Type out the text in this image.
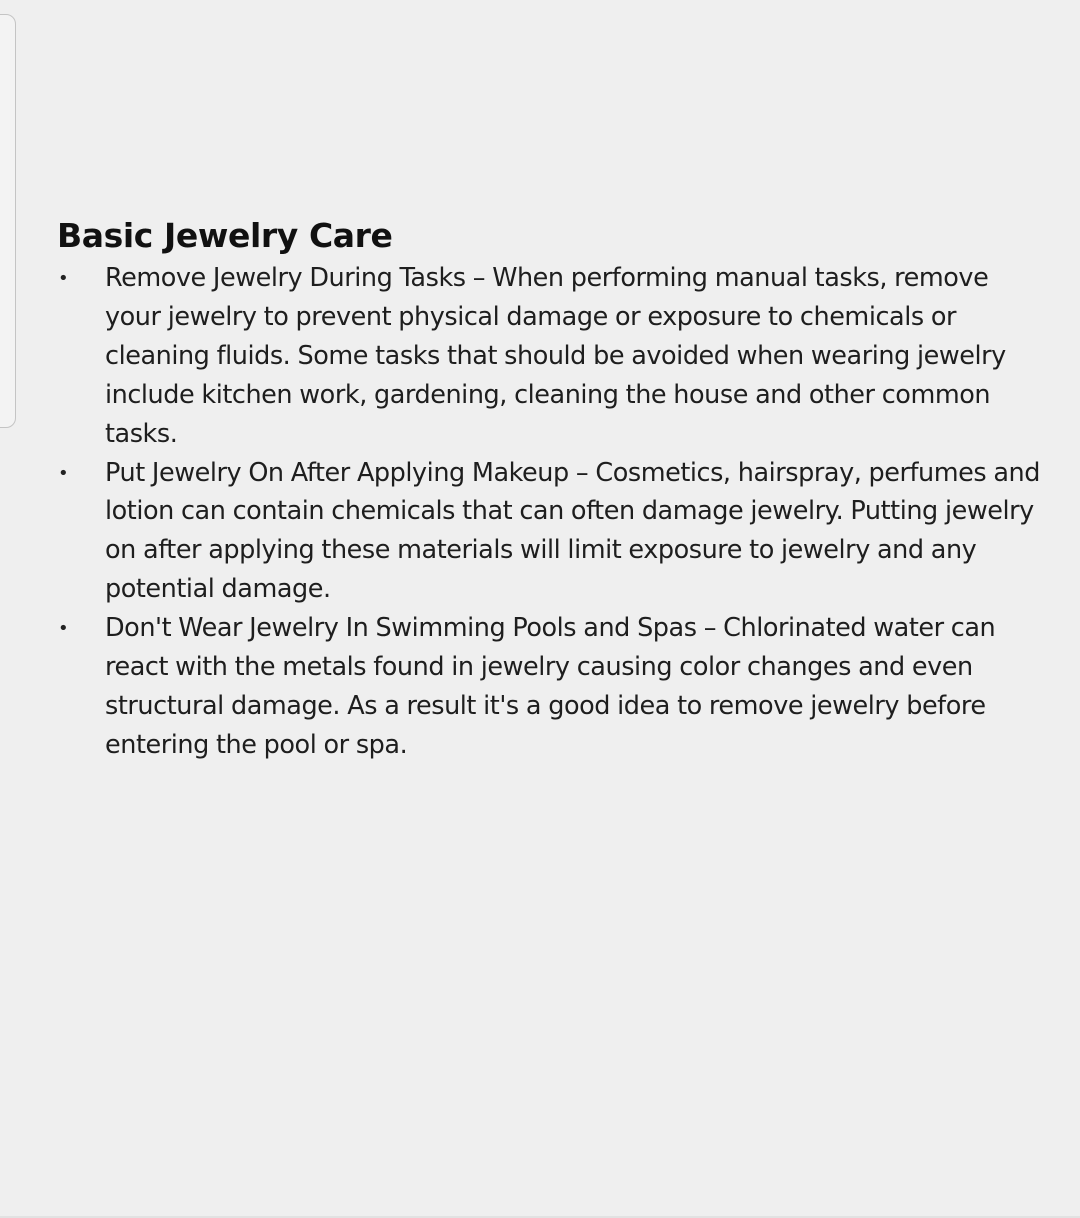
Basic Jewelry Care
• Remove Jewelry During Tasks – When performing manual tasks, remove your jewelry to prevent physical damage or exposure to chemicals or cleaning fluids. Some tasks that should be avoided when wearing jewelry include kitchen work, gardening, cleaning the house and other common tasks.
• Put Jewelry On After Applying Makeup – Cosmetics, hairspray, perfumes and lotion can contain chemicals that can often damage jewelry. Putting jewelry on after applying these materials will limit exposure to jewelry and any potential damage.
• Don't Wear Jewelry In Swimming Pools and Spas – Chlorinated water can react with the metals found in jewelry causing color changes and even structural damage. As a result it's a good idea to remove jewelry before entering the pool or spa.
